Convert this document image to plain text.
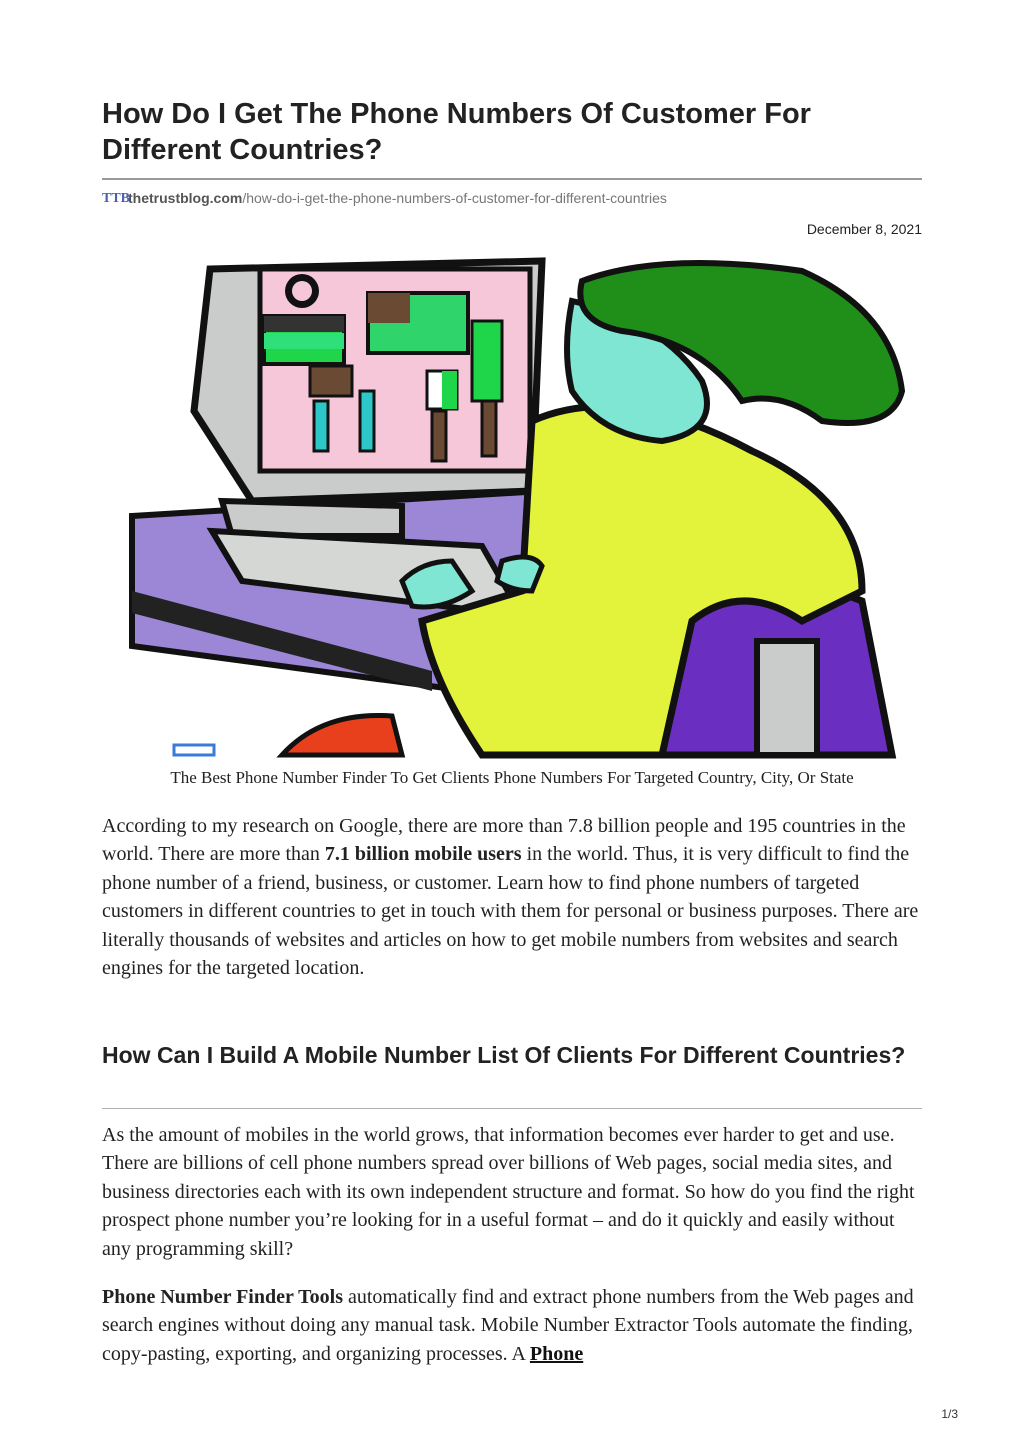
How Do I Get The Phone Numbers Of Customer For Different Countries?
TTB
thetrustblog.com/how-do-i-get-the-phone-numbers-of-customer-for-different-countries
December 8, 2021
The Best Phone Number Finder To Get Clients Phone Numbers For Targeted Country, City, Or State

According to my research on Google, there are more than 7.8 billion people and 195 countries in the world. There are more than 7.1 billion mobile users in the world. Thus, it is very difficult to find the phone number of a friend, business, or customer. Learn how to find phone numbers of targeted customers in different countries to get in touch with them for personal or business purposes. There are literally thousands of websites and articles on how to get mobile numbers from websites and search engines for the targeted location.

How Can I Build A Mobile Number List Of Clients For Different Countries?

As the amount of mobiles in the world grows, that information becomes ever harder to get and use. There are billions of cell phone numbers spread over billions of Web pages, social media sites, and business directories each with its own independent structure and format. So how do you find the right prospect phone number you’re looking for in a useful format – and do it quickly and easily without any programming skill?

Phone Number Finder Tools automatically find and extract phone numbers from the Web pages and search engines without doing any manual task. Mobile Number Extractor Tools automate the finding, copy-pasting, exporting, and organizing processes. A Phone

1/3
